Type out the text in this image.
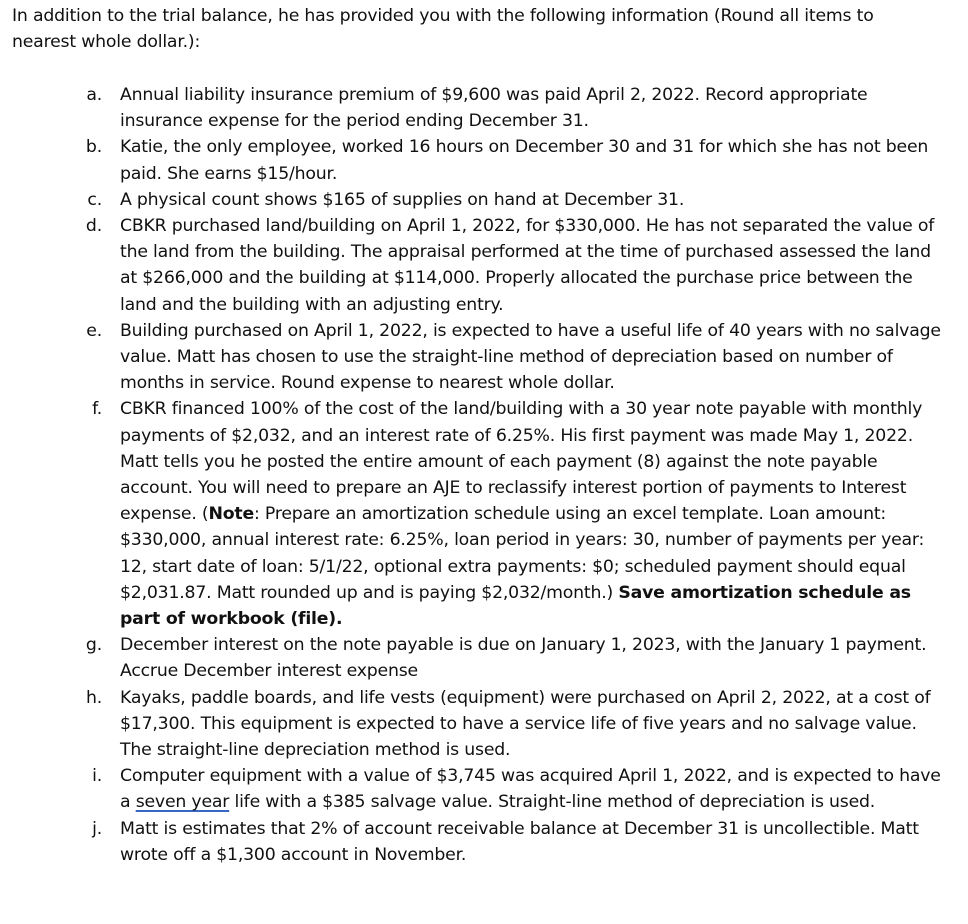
In addition to the trial balance, he has provided you with the following information (Round all items to nearest whole dollar.):
a. Annual liability insurance premium of $9,600 was paid April 2, 2022. Record appropriate insurance expense for the period ending December 31.
b. Katie, the only employee, worked 16 hours on December 30 and 31 for which she has not been paid. She earns $15/hour.
c. A physical count shows $165 of supplies on hand at December 31.
d. CBKR purchased land/building on April 1, 2022, for $330,000. He has not separated the value of the land from the building. The appraisal performed at the time of purchased assessed the land at $266,000 and the building at $114,000. Properly allocated the purchase price between the land and the building with an adjusting entry.
e. Building purchased on April 1, 2022, is expected to have a useful life of 40 years with no salvage value. Matt has chosen to use the straight-line method of depreciation based on number of months in service. Round expense to nearest whole dollar.
f. CBKR financed 100% of the cost of the land/building with a 30 year note payable with monthly payments of $2,032, and an interest rate of 6.25%. His first payment was made May 1, 2022. Matt tells you he posted the entire amount of each payment (8) against the note payable account. You will need to prepare an AJE to reclassify interest portion of payments to Interest expense. (Note: Prepare an amortization schedule using an excel template. Loan amount: $330,000, annual interest rate: 6.25%, loan period in years: 30, number of payments per year: 12, start date of loan: 5/1/22, optional extra payments: $0; scheduled payment should equal $2,031.87. Matt rounded up and is paying $2,032/month.) Save amortization schedule as part of workbook (file).
g. December interest on the note payable is due on January 1, 2023, with the January 1 payment. Accrue December interest expense
h. Kayaks, paddle boards, and life vests (equipment) were purchased on April 2, 2022, at a cost of $17,300. This equipment is expected to have a service life of five years and no salvage value. The straight-line depreciation method is used.
i. Computer equipment with a value of $3,745 was acquired April 1, 2022, and is expected to have a seven year life with a $385 salvage value. Straight-line method of depreciation is used.
j. Matt is estimates that 2% of account receivable balance at December 31 is uncollectible. Matt wrote off a $1,300 account in November.
